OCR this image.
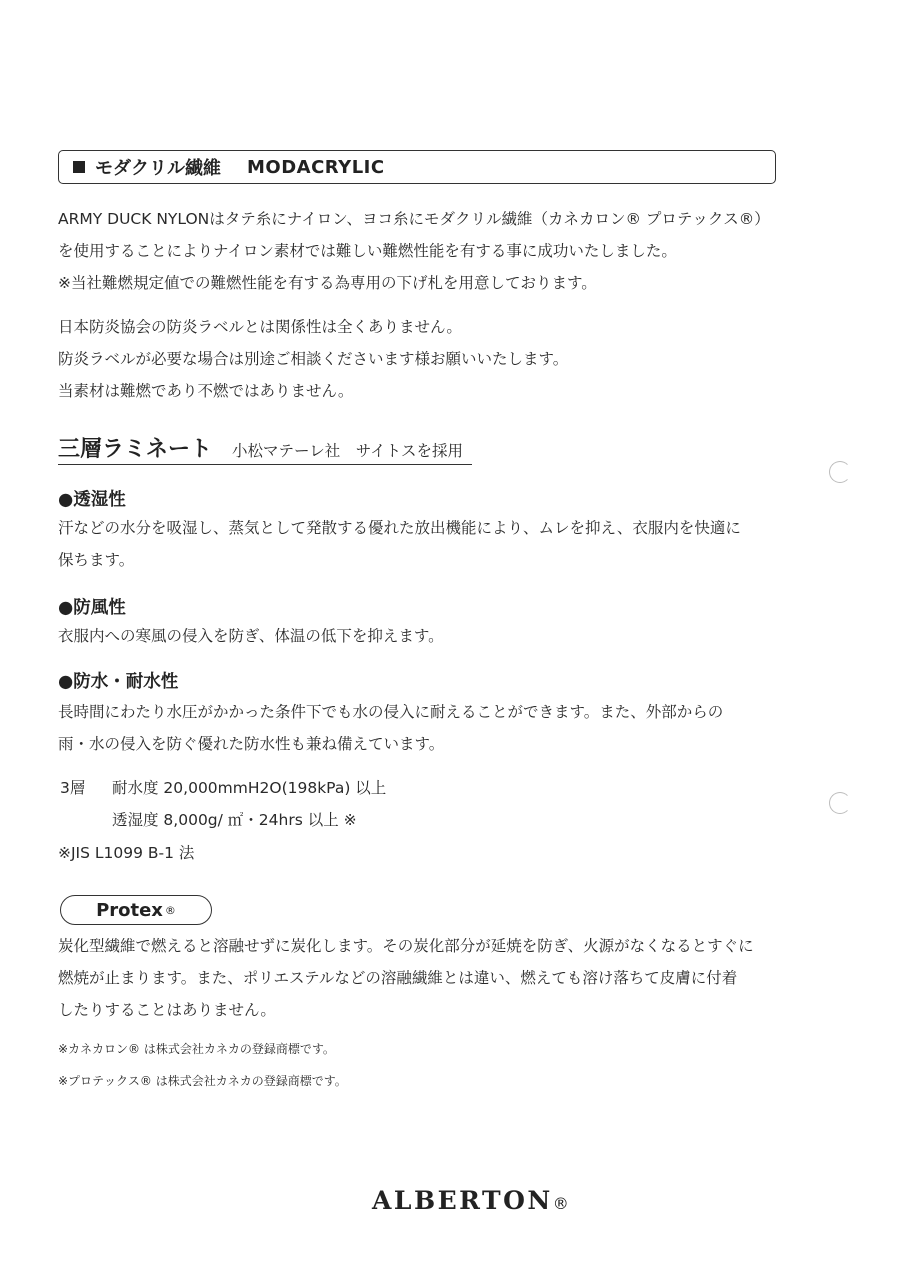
モダクリル繊維 MODACRYLIC
ARMY DUCK NYLONはタテ糸にナイロン、ヨコ糸にモダクリル繊維（カネカロン® プロテックス®）
を使用することによりナイロン素材では難しい難燃性能を有する事に成功いたしました。
※当社難燃規定値での難燃性能を有する為専用の下げ札を用意しております。
日本防炎協会の防炎ラベルとは関係性は全くありません。
防炎ラベルが必要な場合は別途ご相談くださいます様お願いいたします。
当素材は難燃であり不燃ではありません。
三層ラミネート 小松マテーレ社　サイトスを採用
●透湿性
汗などの水分を吸湿し、蒸気として発散する優れた放出機能により、ムレを抑え、衣服内を快適に
保ちます。
●防風性
衣服内への寒風の侵入を防ぎ、体温の低下を抑えます。
●防水・耐水性
長時間にわたり水圧がかかった条件下でも水の侵入に耐えることができます。また、外部からの
雨・水の侵入を防ぐ優れた防水性も兼ね備えています。
3層 耐水度 20,000mmH2O(198kPa) 以上
透湿度 8,000g/ ㎡・24hrs 以上 ※
※JIS L1099 B-1 法
Protex ®
炭化型繊維で燃えると溶融せずに炭化します。その炭化部分が延焼を防ぎ、火源がなくなるとすぐに
燃焼が止まります。また、ポリエステルなどの溶融繊維とは違い、燃えても溶け落ちて皮膚に付着
したりすることはありません。
※カネカロン® は株式会社カネカの登録商標です。
※プロテックス® は株式会社カネカの登録商標です。
ALBERTON®
